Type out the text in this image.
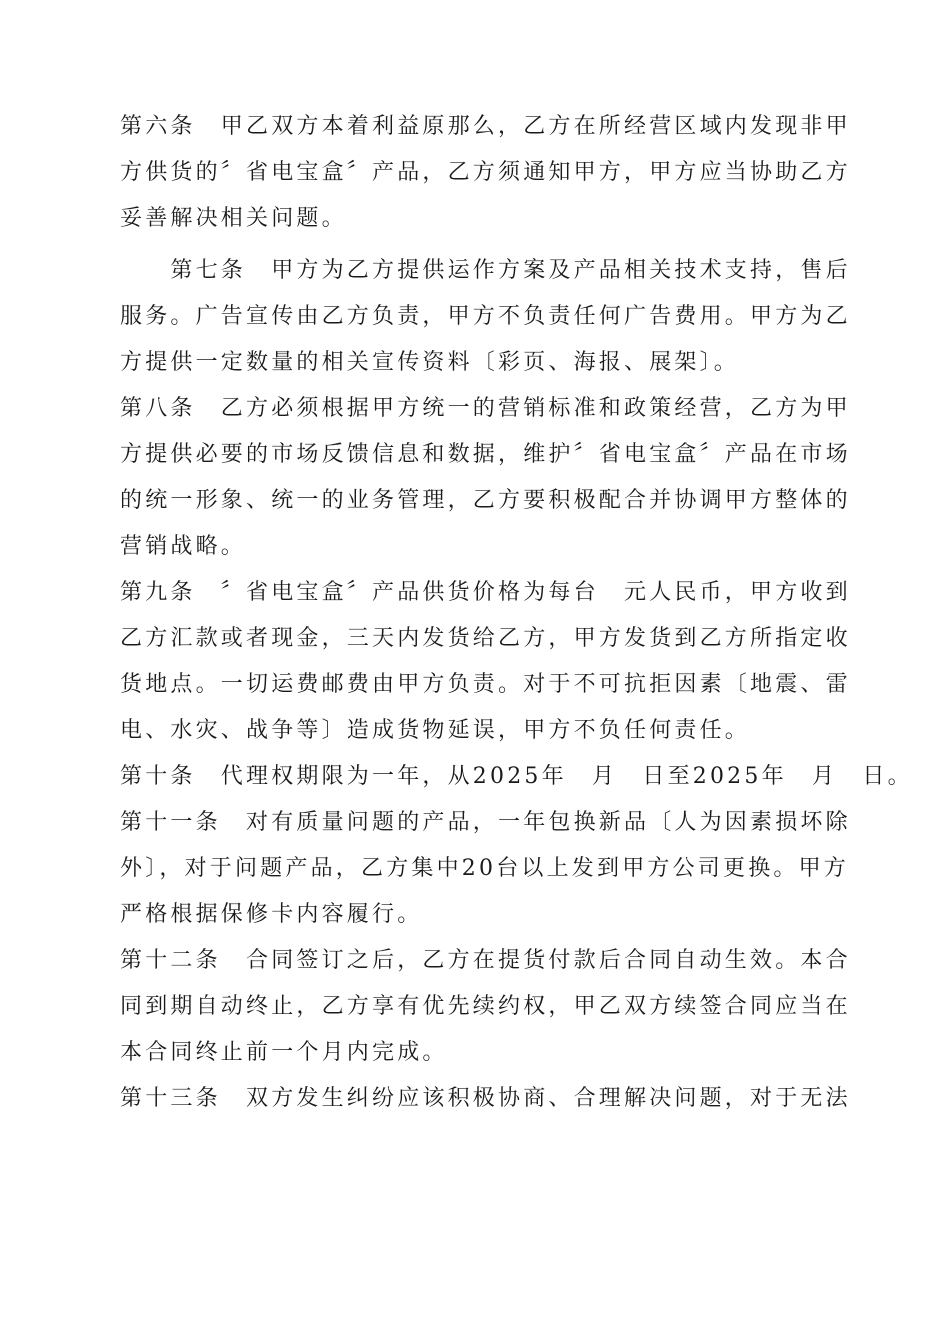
第六条　甲乙双方本着利益原那么，乙方在所经营区域内发现非甲
方供货的〞省电宝盒〞产品，乙方须通知甲方，甲方应当协助乙方
妥善解决相关问题。
　　第七条　甲方为乙方提供运作方案及产品相关技术支持，售后
服务。广告宣传由乙方负责，甲方不负责任何广告费用。甲方为乙
方提供一定数量的相关宣传资料〔彩页、海报、展架〕。
第八条　乙方必须根据甲方统一的营销标准和政策经营，乙方为甲
方提供必要的市场反馈信息和数据，维护〞省电宝盒〞产品在市场
的统一形象、统一的业务管理，乙方要积极配合并协调甲方整体的
营销战略。
第九条　〞省电宝盒〞产品供货价格为每台　元人民币，甲方收到
乙方汇款或者现金，三天内发货给乙方，甲方发货到乙方所指定收
货地点。一切运费邮费由甲方负责。对于不可抗拒因素〔地震、雷
电、水灾、战争等〕造成货物延误，甲方不负任何责任。
第十条　代理权期限为一年，从2025年　月　日至2025年　月　日。
第十一条　对有质量问题的产品，一年包换新品〔人为因素损坏除
外〕，对于问题产品，乙方集中20台以上发到甲方公司更换。甲方
严格根据保修卡内容履行。
第十二条　合同签订之后，乙方在提货付款后合同自动生效。本合
同到期自动终止，乙方享有优先续约权，甲乙双方续签合同应当在
本合同终止前一个月内完成。
第十三条　双方发生纠纷应该积极协商、合理解决问题，对于无法
